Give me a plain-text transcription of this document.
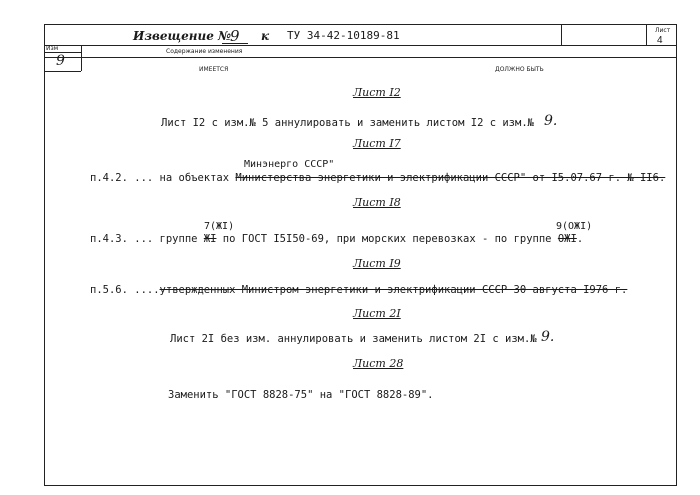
Извещение №
9 к ТУ 34-42-10189-81	Лист
4
Изм
9
Содержание изменения
ИМЕЕТСЯ	ДОЛЖНО БЫТЬ
Лист I2
Лист I2 с изм.№ 5 аннулировать и заменить листом I2 с изм.№ 9.
Лист I7
Минэнерго СССР"
п.4.2. ... на объектах Министерства энергетики и электрификации СССР" от I5.07.67 г. № II6.
Лист I8
7(ЖI)	9(ОЖI)
п.4.3. ... группе ЖI по ГОСТ I5I50-69, при морских перевозках - по группе ОЖI.
Лист I9
п.5.6. ....утвержденных Министром энергетики и электрификации СССР 30 августа I976 г.
Лист 2I
Лист 2I без изм. аннулировать и заменить листом 2I с изм.№ 9.
Лист 28
Заменить "ГОСТ 8828-75" на "ГОСТ 8828-89".
